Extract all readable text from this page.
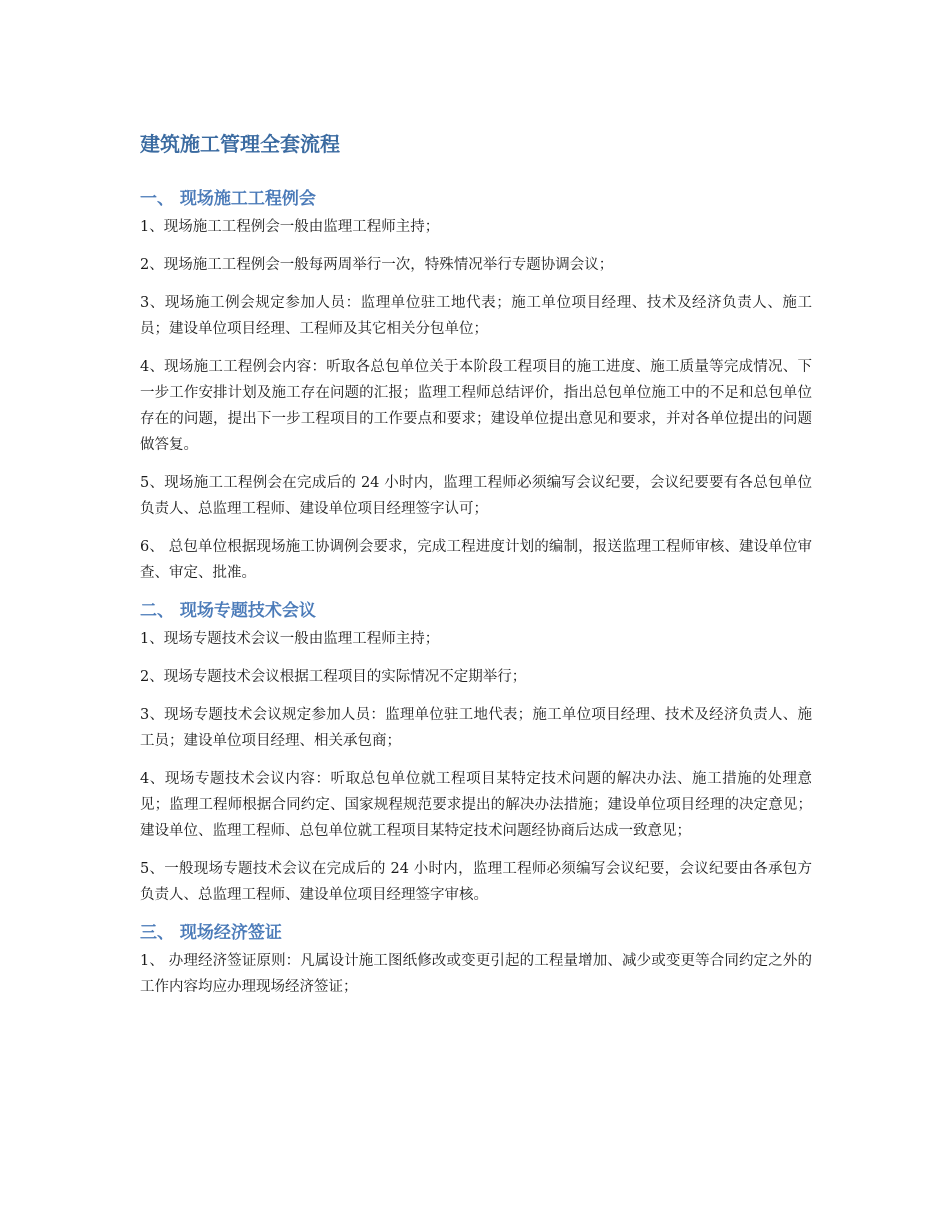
建筑施工管理全套流程
一、 现场施工工程例会

1、现场施工工程例会一般由监理工程师主持；

2、现场施工工程例会一般每两周举行一次，特殊情况举行专题协调会议；

3、现场施工例会规定参加人员：监理单位驻工地代表；施工单位项目经理、技术及经济负责人、施工员；建设单位项目经理、工程师及其它相关分包单位；

4、现场施工工程例会内容：听取各总包单位关于本阶段工程项目的施工进度、施工质量等完成情况、下一步工作安排计划及施工存在问题的汇报；监理工程师总结评价，指出总包单位施工中的不足和总包单位存在的问题，提出下一步工程项目的工作要点和要求；建设单位提出意见和要求，并对各单位提出的问题做答复。

5、现场施工工程例会在完成后的 24 小时内，监理工程师必须编写会议纪要，会议纪要要有各总包单位负责人、总监理工程师、建设单位项目经理签字认可；

6、 总包单位根据现场施工协调例会要求，完成工程进度计划的编制，报送监理工程师审核、建设单位审查、审定、批准。

二、 现场专题技术会议

1、现场专题技术会议一般由监理工程师主持；

2、现场专题技术会议根据工程项目的实际情况不定期举行；

3、现场专题技术会议规定参加人员：监理单位驻工地代表；施工单位项目经理、技术及经济负责人、施工员；建设单位项目经理、相关承包商；

4、现场专题技术会议内容：听取总包单位就工程项目某特定技术问题的解决办法、施工措施的处理意见；监理工程师根据合同约定、国家规程规范要求提出的解决办法措施；建设单位项目经理的决定意见；建设单位、监理工程师、总包单位就工程项目某特定技术问题经协商后达成一致意见；

5、一般现场专题技术会议在完成后的 24 小时内，监理工程师必须编写会议纪要，会议纪要由各承包方负责人、总监理工程师、建设单位项目经理签字审核。

三、 现场经济签证

1、 办理经济签证原则：凡属设计施工图纸修改或变更引起的工程量增加、减少或变更等合同约定之外的工作内容均应办理现场经济签证；
